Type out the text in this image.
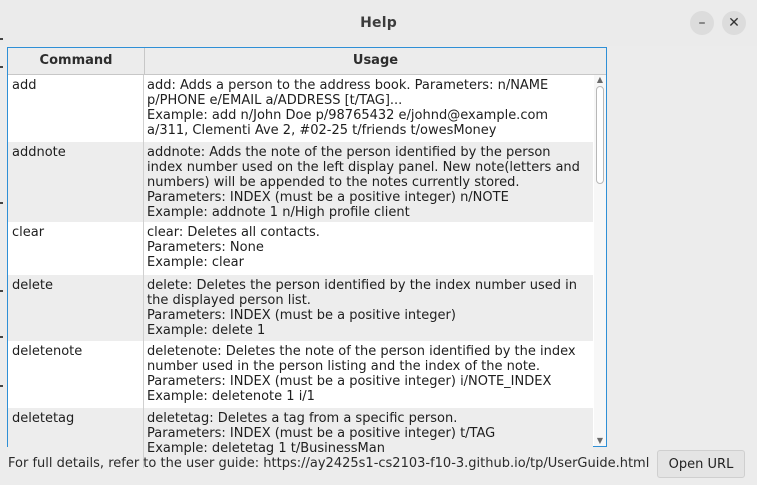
Help	– ✕
Command	Usage
add	add: Adds a person to the address book. Parameters: n/NAME
p/PHONE e/EMAIL a/ADDRESS [t/TAG]...
Example: add n/John Doe p/98765432 e/johnd@example.com
a/311, Clementi Ave 2, #02-25 t/friends t/owesMoney
addnote	addnote: Adds the note of the person identified by the person
index number used on the left display panel. New note(letters and
numbers) will be appended to the notes currently stored.
Parameters: INDEX (must be a positive integer) n/NOTE
Example: addnote 1 n/High profile client
clear	clear: Deletes all contacts.
Parameters: None
Example: clear
delete	delete: Deletes the person identified by the index number used in
the displayed person list.
Parameters: INDEX (must be a positive integer)
Example: delete 1
deletenote	deletenote: Deletes the note of the person identified by the index
number used in the person listing and the index of the note.
Parameters: INDEX (must be a positive integer) i/NOTE_INDEX
Example: deletenote 1 i/1
deletetag	deletetag: Deletes a tag from a specific person.
Parameters: INDEX (must be a positive integer) t/TAG
Example: deletetag 1 t/BusinessMan
▲
▼
For full details, refer to the user guide: https://ay2425s1-cs2103-f10-3.github.io/tp/UserGuide.html	Open URL
